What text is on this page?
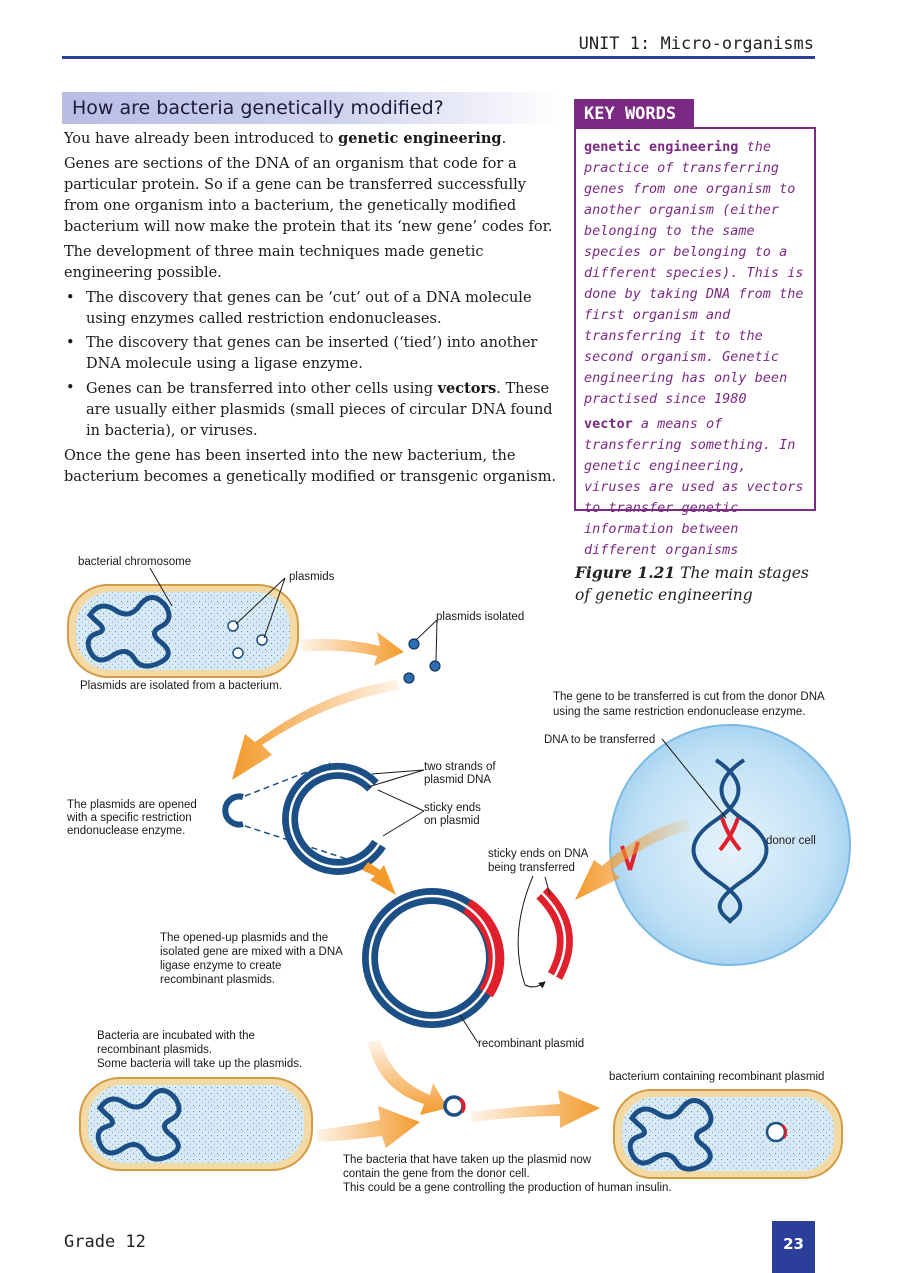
UNIT 1: Micro-organisms
How are bacteria genetically modified?

You have already been introduced to genetic engineering.

Genes are sections of the DNA of an organism that code for a particular protein. So if a gene can be transferred successfully from one organism into a bacterium, the genetically modified bacterium will now make the protein that its ‘new gene’ codes for.

The development of three main techniques made genetic engineering possible.

• The discovery that genes can be ‘cut’ out of a DNA molecule using enzymes called restriction endonucleases.
• The discovery that genes can be inserted (‘tied’) into another DNA molecule using a ligase enzyme.
• Genes can be transferred into other cells using vectors. These are usually either plasmids (small pieces of circular DNA found in bacteria), or viruses.

Once the gene has been inserted into the new bacterium, the bacterium becomes a genetically modified or transgenic organism.

KEY WORDS
genetic engineering the practice of transferring genes from one organism to another organism (either belonging to the same species or belonging to a different species). This is done by taking DNA from the first organism and transferring it to the second organism. Genetic engineering has only been practised since 1980
vector a means of transferring something. In genetic engineering, viruses are used as vectors to transfer genetic information between different organisms
Figure 1.21 The main stages of genetic engineering
bacterial chromosome
plasmids
Plasmids are isolated from a bacterium.
plasmids isolated
The plasmids are opened
with a specific restriction
endonuclease enzyme.
two strands of
plasmid DNA
sticky ends
on plasmid
The gene to be transferred is cut from the donor DNA
using the same restriction endonuclease enzyme.
DNA to be transferred
donor cell
sticky ends on DNA
being transferred
recombinant plasmid
The opened-up plasmids and the
isolated gene are mixed with a DNA
ligase enzyme to create
recombinant plasmids.
Bacteria are incubated with the
recombinant plasmids.
Some bacteria will take up the plasmids.
bacterium containing recombinant plasmid
The bacteria that have taken up the plasmid now
contain the gene from the donor cell.
This could be a gene controlling the production of human insulin.
Grade 12	23
